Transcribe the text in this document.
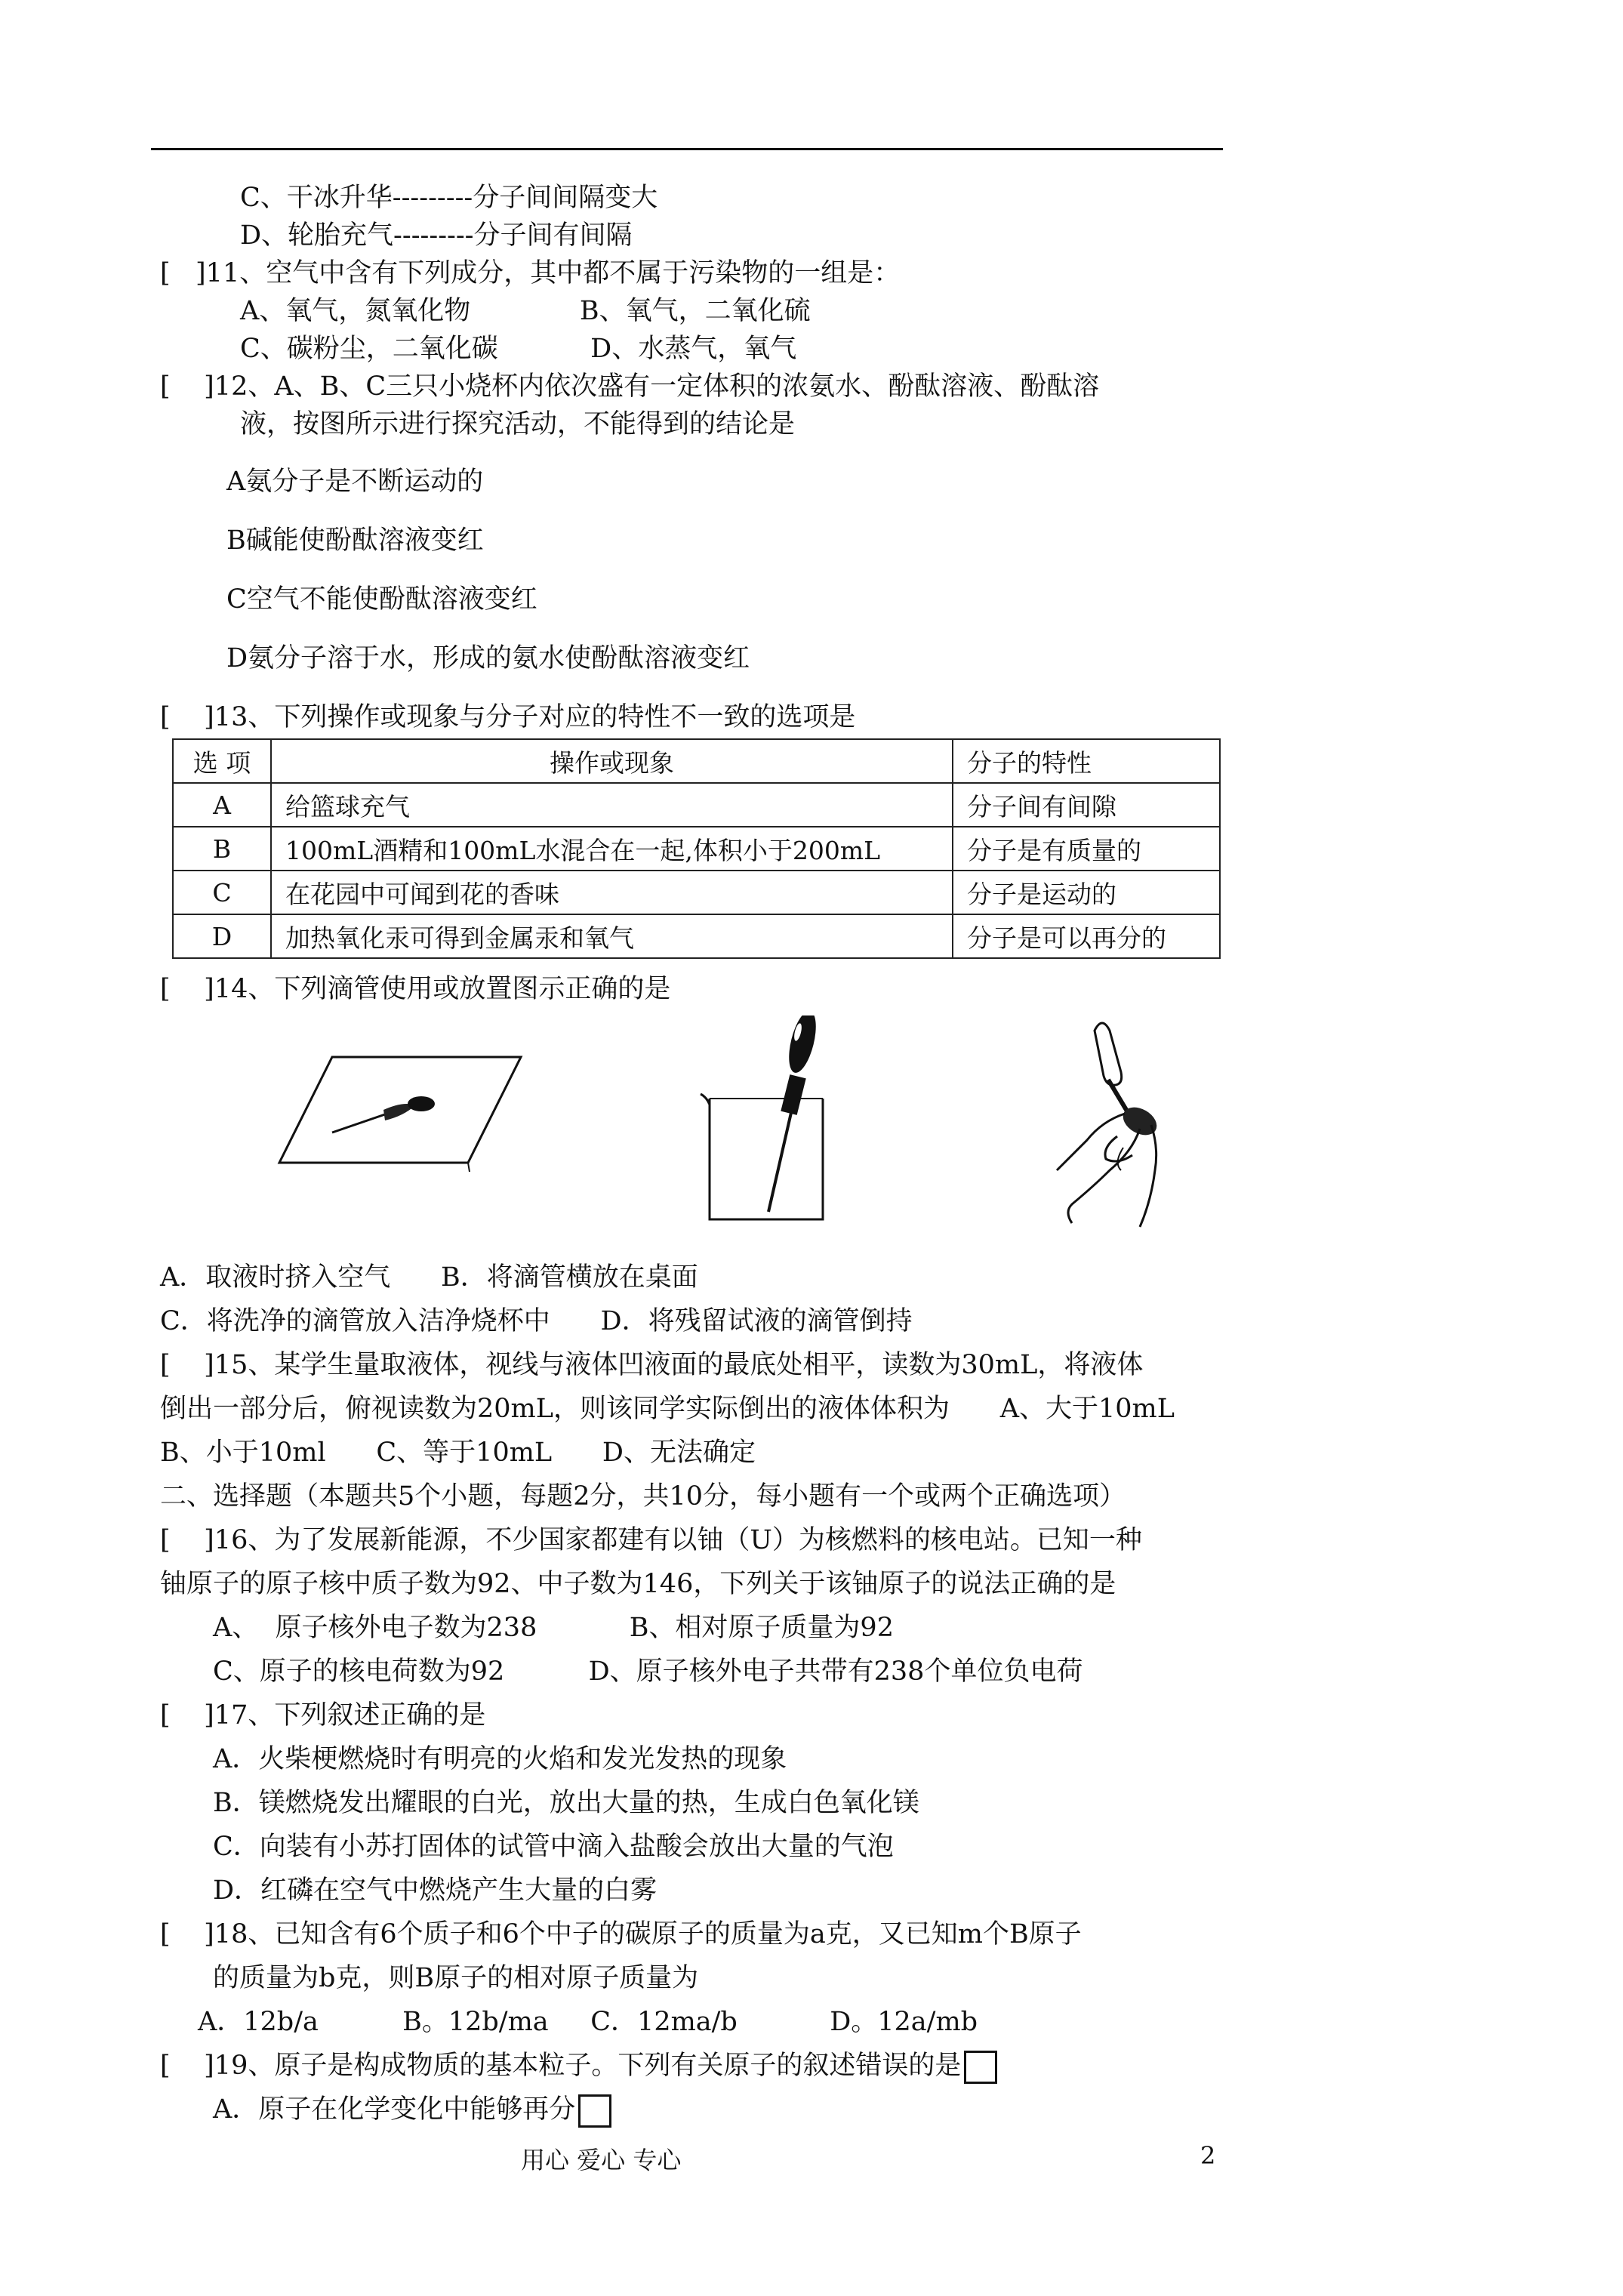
C、干冰升华---------分子间间隔变大
D、轮胎充气---------分子间有间隔
[   ]11、空气中含有下列成分，其中都不属于污染物的一组是：
A、氧气，氮氧化物             B、氧气，二氧化硫
C、碳粉尘，二氧化碳           D、水蒸气，氧气
[    ]12、A、B、C三只小烧杯内依次盛有一定体积的浓氨水、酚酞溶液、酚酞溶
液，按图所示进行探究活动，不能得到的结论是
A氨分子是不断运动的
B碱能使酚酞溶液变红
C空气不能使酚酞溶液变红
D氨分子溶于水，形成的氨水使酚酞溶液变红
[    ]13、下列操作或现象与分子对应的特性不一致的选项是
选 项	操作或现象	分子的特性
A	给篮球充气	分子间有间隙
B	100mL酒精和100mL水混合在一起,体积小于200mL	分子是有质量的
C	在花园中可闻到花的香味	分子是运动的
D	加热氧化汞可得到金属汞和氧气	分子是可以再分的
[    ]14、下列滴管使用或放置图示正确的是
A．取液时挤入空气      B．将滴管横放在桌面
C．将洗净的滴管放入洁净烧杯中      D．将残留试液的滴管倒持
[    ]15、某学生量取液体，视线与液体凹液面的最底处相平，读数为30mL，将液体
倒出一部分后，俯视读数为20mL，则该同学实际倒出的液体体积为      A、大于10mL
B、小于10ml      C、等于10mL      D、无法确定
二、选择题（本题共5个小题，每题2分，共10分，每小题有一个或两个正确选项）
[    ]16、为了发展新能源，不少国家都建有以铀（U）为核燃料的核电站。已知一种
铀原子的原子核中质子数为92、中子数为146，下列关于该铀原子的说法正确的是
A、  原子核外电子数为238           B、相对原子质量为92
C、原子的核电荷数为92          D、原子核外电子共带有238个单位负电荷
[    ]17、下列叙述正确的是
A．火柴梗燃烧时有明亮的火焰和发光发热的现象
B．镁燃烧发出耀眼的白光，放出大量的热，生成白色氧化镁
C．向装有小苏打固体的试管中滴入盐酸会放出大量的气泡
D．红磷在空气中燃烧产生大量的白雾
[    ]18、已知含有6个质子和6个中子的碳原子的质量为a克，又已知m个B原子
的质量为b克，则B原子的相对原子质量为
A．12b/a          B。12b/ma     C．12ma/b           D。12a/mb
[    ]19、原子是构成物质的基本粒子。下列有关原子的叙述错误的是
A．原子在化学变化中能够再分
用心 爱心 专心	2
